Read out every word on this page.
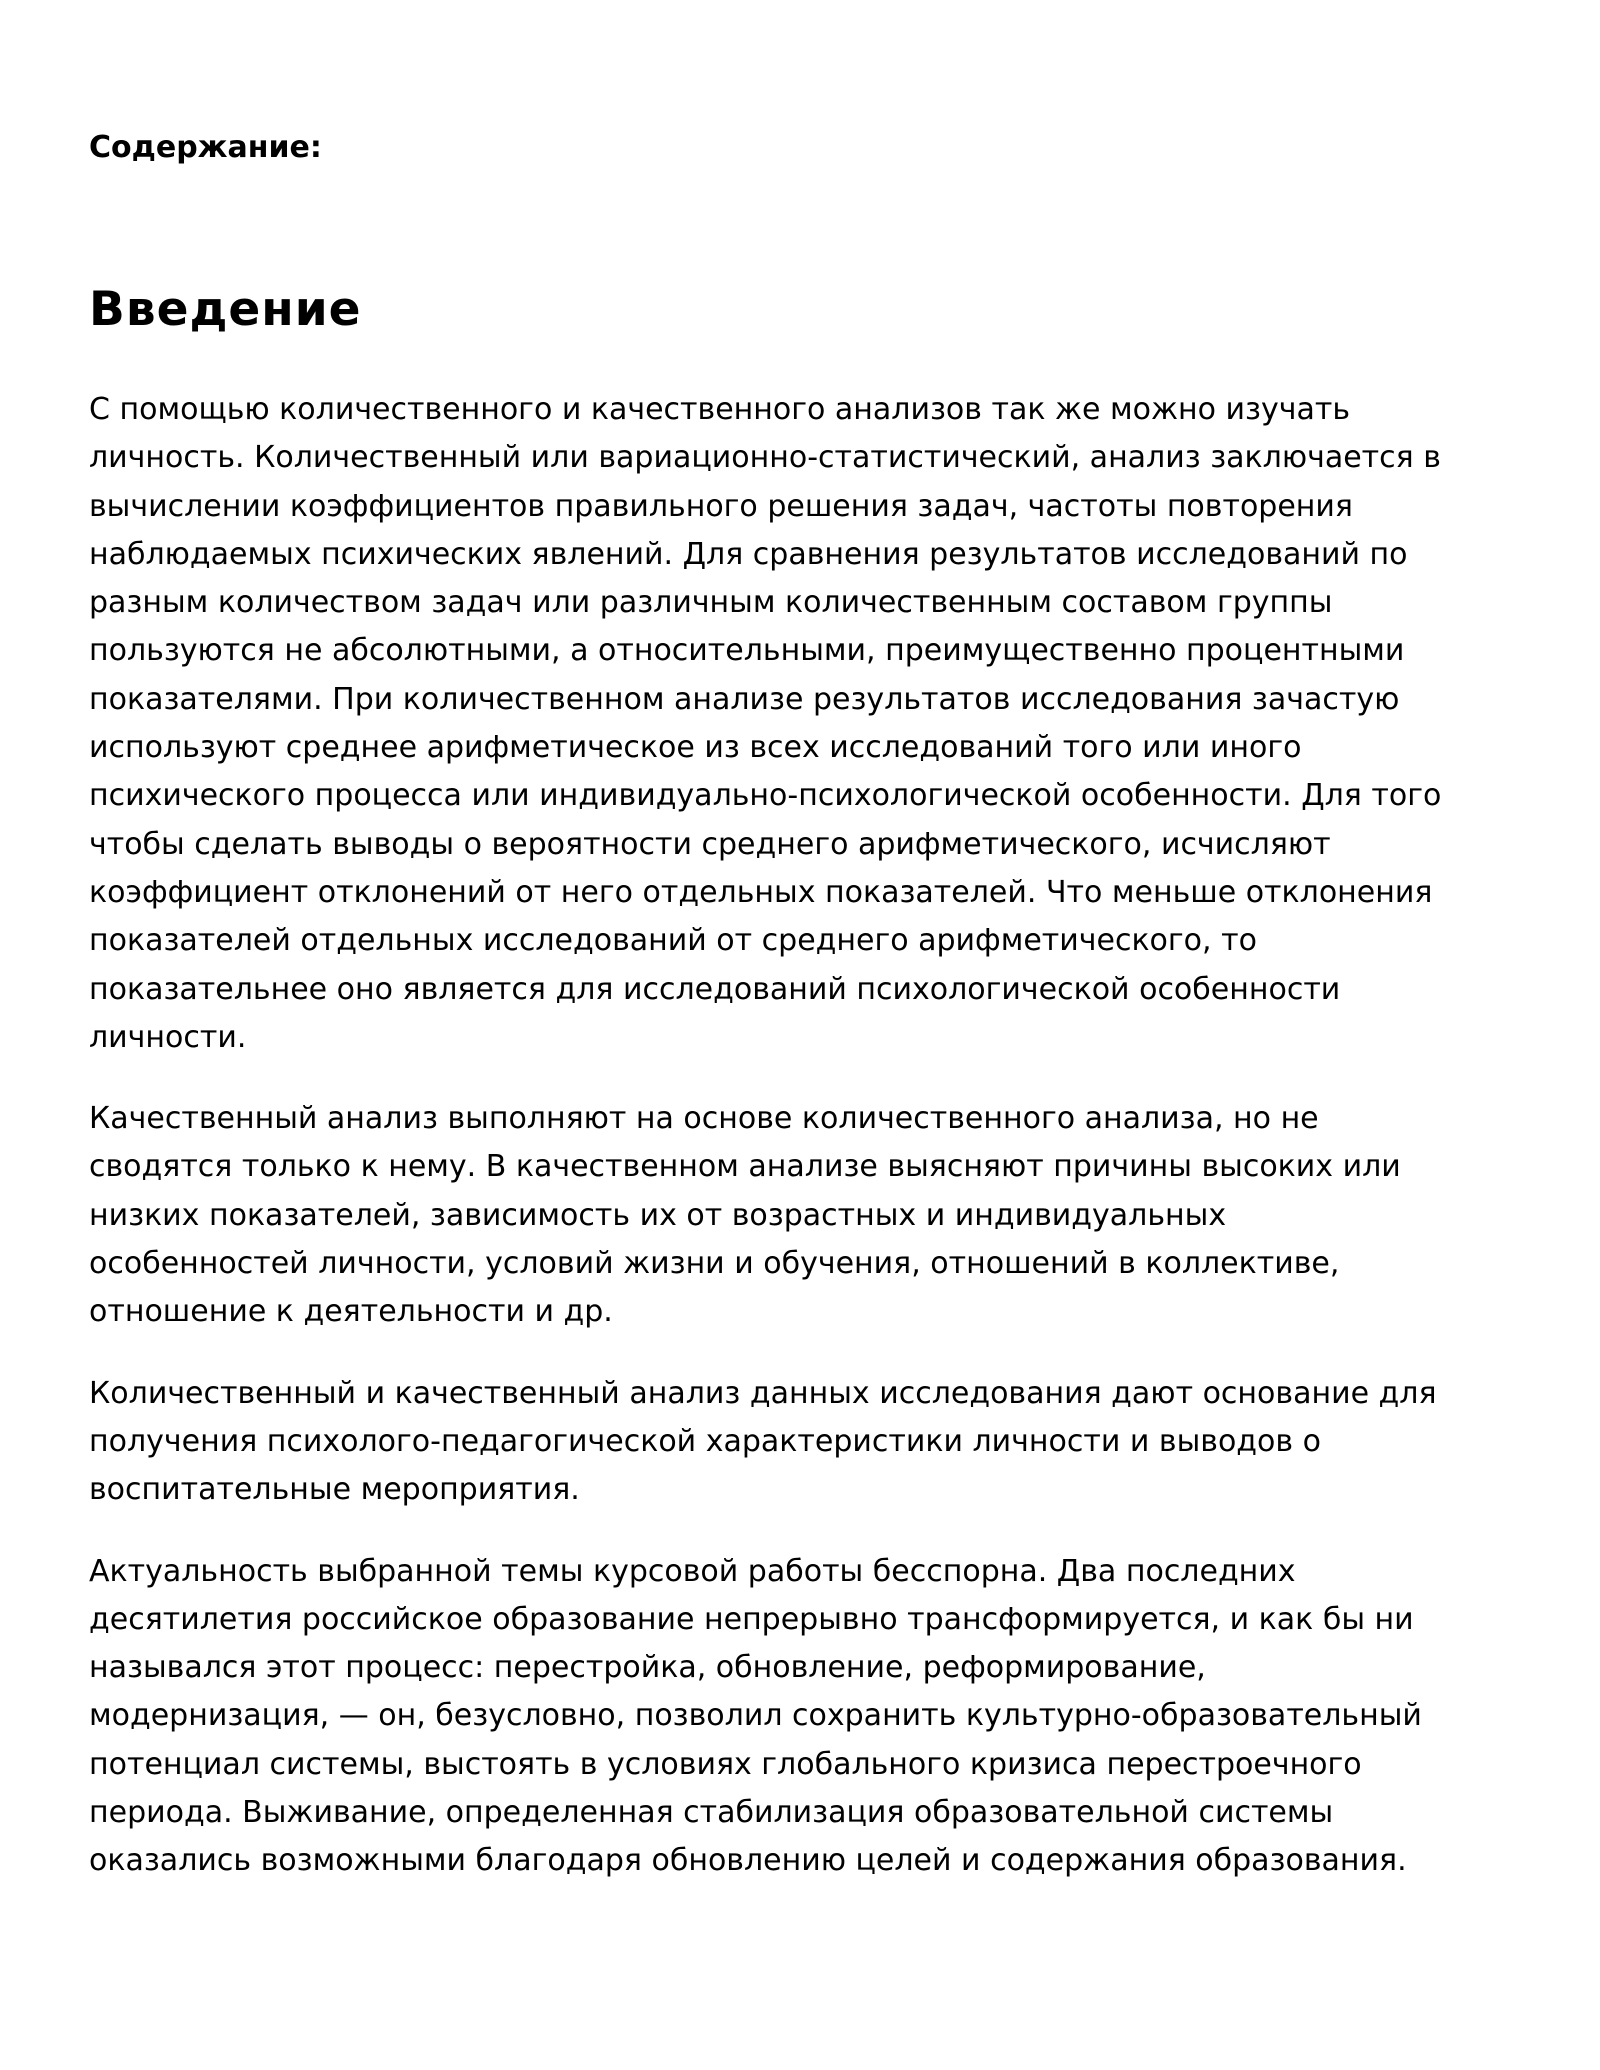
Содержание:
Введение

С помощью количественного и качественного анализов так же можно изучать
личность. Количественный или вариационно-статистический, анализ заключается в
вычислении коэффициентов правильного решения задач, частоты повторения
наблюдаемых психических явлений. Для сравнения результатов исследований по
разным количеством задач или различным количественным составом группы
пользуются не абсолютными, а относительными, преимущественно процентными
показателями. При количественном анализе результатов исследования зачастую
используют среднее арифметическое из всех исследований того или иного
психического процесса или индивидуально-психологической особенности. Для того
чтобы сделать выводы о вероятности среднего арифметического, исчисляют
коэффициент отклонений от него отдельных показателей. Что меньше отклонения
показателей отдельных исследований от среднего арифметического, то
показательнее оно является для исследований психологической особенности
личности.

Качественный анализ выполняют на основе количественного анализа, но не
сводятся только к нему. В качественном анализе выясняют причины высоких или
низких показателей, зависимость их от возрастных и индивидуальных
особенностей личности, условий жизни и обучения, отношений в коллективе,
отношение к деятельности и др.

Количественный и качественный анализ данных исследования дают основание для
получения психолого-педагогической характеристики личности и выводов о
воспитательные мероприятия.

Актуальность выбранной темы курсовой работы бесспорна. Два последних
десятилетия российское образование непрерывно трансформируется, и как бы ни
назывался этот процесс: перестройка, обновление, реформирование,
модернизация, — он, безусловно, позволил сохранить культурно-образовательный
потенциал системы, выстоять в условиях глобального кризиса перестроечного
периода. Выживание, определенная стабилизация образовательной системы
оказались возможными благодаря обновлению целей и содержания образования.
